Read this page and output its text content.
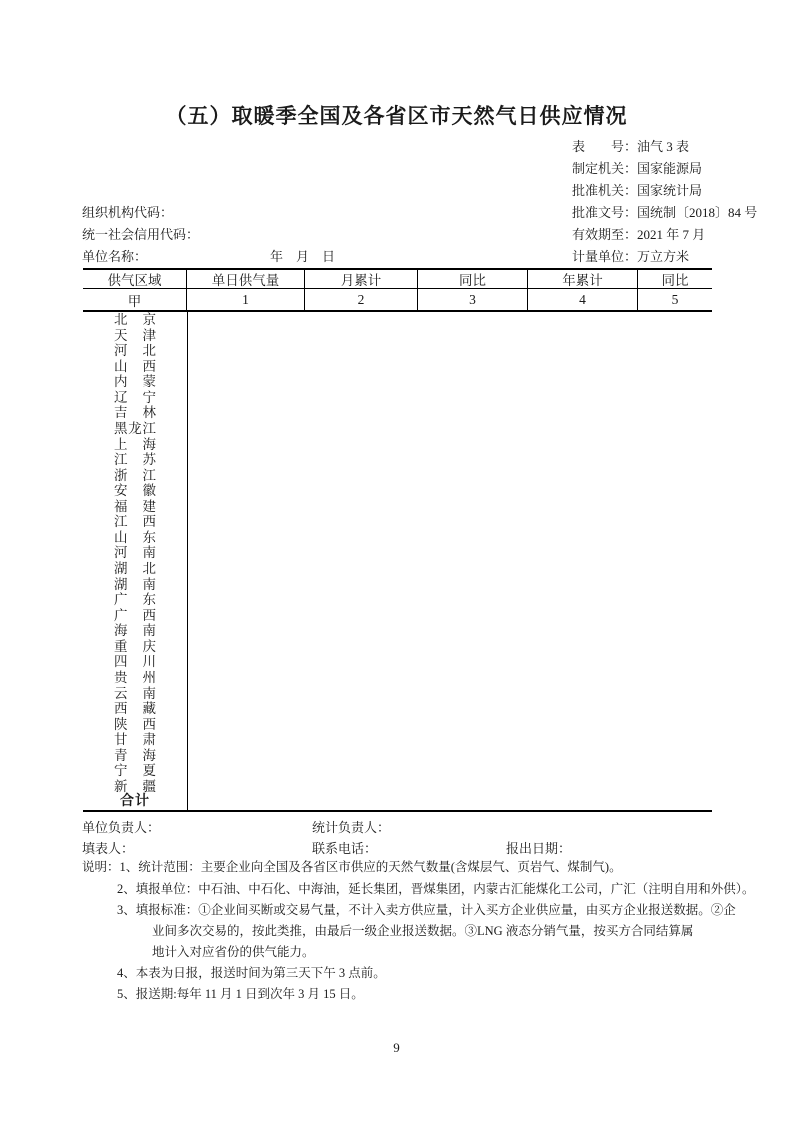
（五）取暖季全国及各省区市天然气日供应情况
表　　号：油气 3 表
制定机关：国家能源局
批准机关：国家统计局
批准文号：国统制〔2018〕84 号
有效期至：2021 年 7 月
计量单位：万立方米
组织机构代码：
统一社会信用代码：
单位名称：	年　月　日
供气区域	单日供气量	月累计	同比	年累计	同比
甲	1	2	3	4	5
北京
天津
河北
山西
内蒙
辽宁
吉林
黑龙江
上海
江苏
浙江
安徽
福建
江西
山东
河南
湖北
湖南
广东
广西
海南
重庆
四川
贵州
云南
西藏
陕西
甘肃
青海
宁夏
新疆
合计
单位负责人：	统计负责人：
填表人：	联系电话：	报出日期：
说明：1、统计范围：主要企业向全国及各省区市供应的天然气数量(含煤层气、页岩气、煤制气)。
2、填报单位：中石油、中石化、中海油，延长集团，晋煤集团，内蒙古汇能煤化工公司，广汇（注明自用和外供）。
3、填报标准：①企业间买断或交易气量，不计入卖方供应量，计入买方企业供应量，由买方企业报送数据。②企
业间多次交易的，按此类推，由最后一级企业报送数据。③LNG 液态分销气量，按买方合同结算属
地计入对应省份的供气能力。
4、本表为日报，报送时间为第三天下午 3 点前。
5、报送期:每年 11 月 1 日到次年 3 月 15 日。
9
